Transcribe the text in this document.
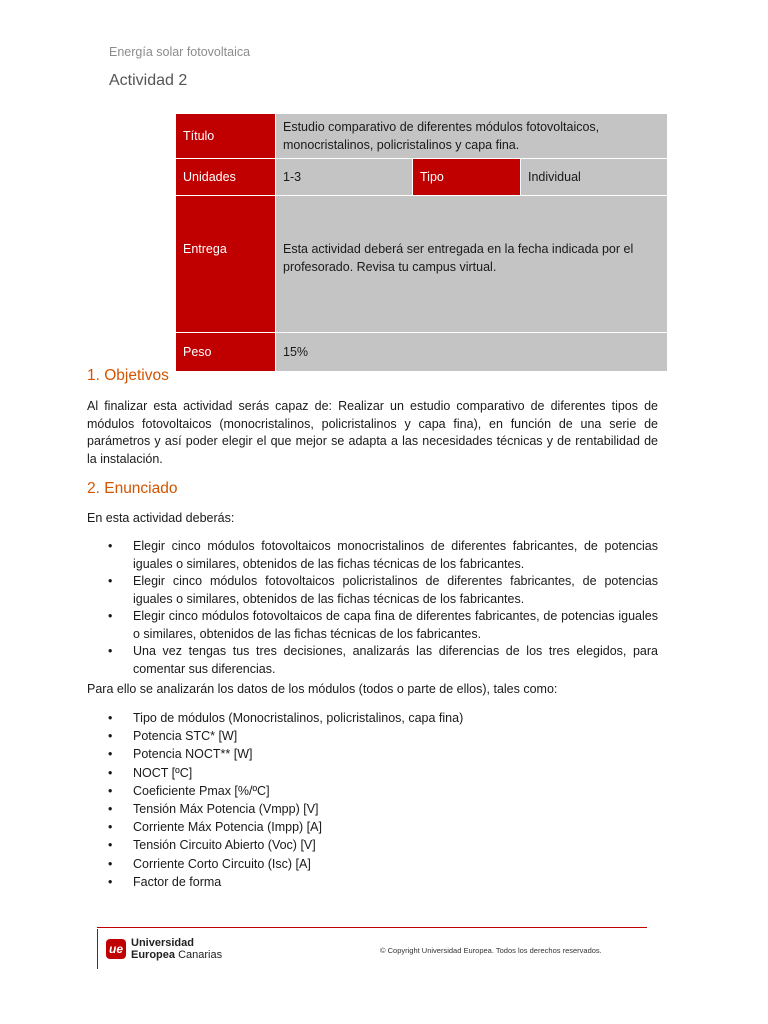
Energía solar fotovoltaica
Actividad 2
Título	Estudio comparativo de diferentes módulos fotovoltaicos, monocristalinos, policristalinos y capa fina.		
Unidades	1-3	Tipo	Individual
Entrega	Esta actividad deberá ser entregada en la fecha indicada por el profesorado. Revisa tu campus virtual.		
Peso	15%		
1. Objetivos

Al finalizar esta actividad serás capaz de: Realizar un estudio comparativo de diferentes tipos de módulos fotovoltaicos (monocristalinos, policristalinos y capa fina), en función de una serie de parámetros y así poder elegir el que mejor se adapta a las necesidades técnicas y de rentabilidad de la instalación.

2. Enunciado

En esta actividad deberás:

• Elegir cinco módulos fotovoltaicos monocristalinos de diferentes fabricantes, de potencias iguales o similares, obtenidos de las fichas técnicas de los fabricantes.
• Elegir cinco módulos fotovoltaicos policristalinos de diferentes fabricantes, de potencias iguales o similares, obtenidos de las fichas técnicas de los fabricantes.
• Elegir cinco módulos fotovoltaicos de capa fina de diferentes fabricantes, de potencias iguales o similares, obtenidos de las fichas técnicas de los fabricantes.
• Una vez tengas tus tres decisiones, analizarás las diferencias de los tres elegidos, para comentar sus diferencias.

Para ello se analizarán los datos de los módulos (todos o parte de ellos), tales como:

• Tipo de módulos (Monocristalinos, policristalinos, capa fina)
• Potencia STC* [W]
• Potencia NOCT** [W]
• NOCT [ºC]
• Coeficiente Pmax [%/ºC]
• Tensión Máx Potencia (Vmpp) [V]
• Corriente Máx Potencia (Impp) [A]
• Tensión Circuito Abierto (Voc) [V]
• Corriente Corto Circuito (Isc) [A]
• Factor de forma
ue Universidad
Europea Canarias	© Copyright Universidad Europea. Todos los derechos reservados.
